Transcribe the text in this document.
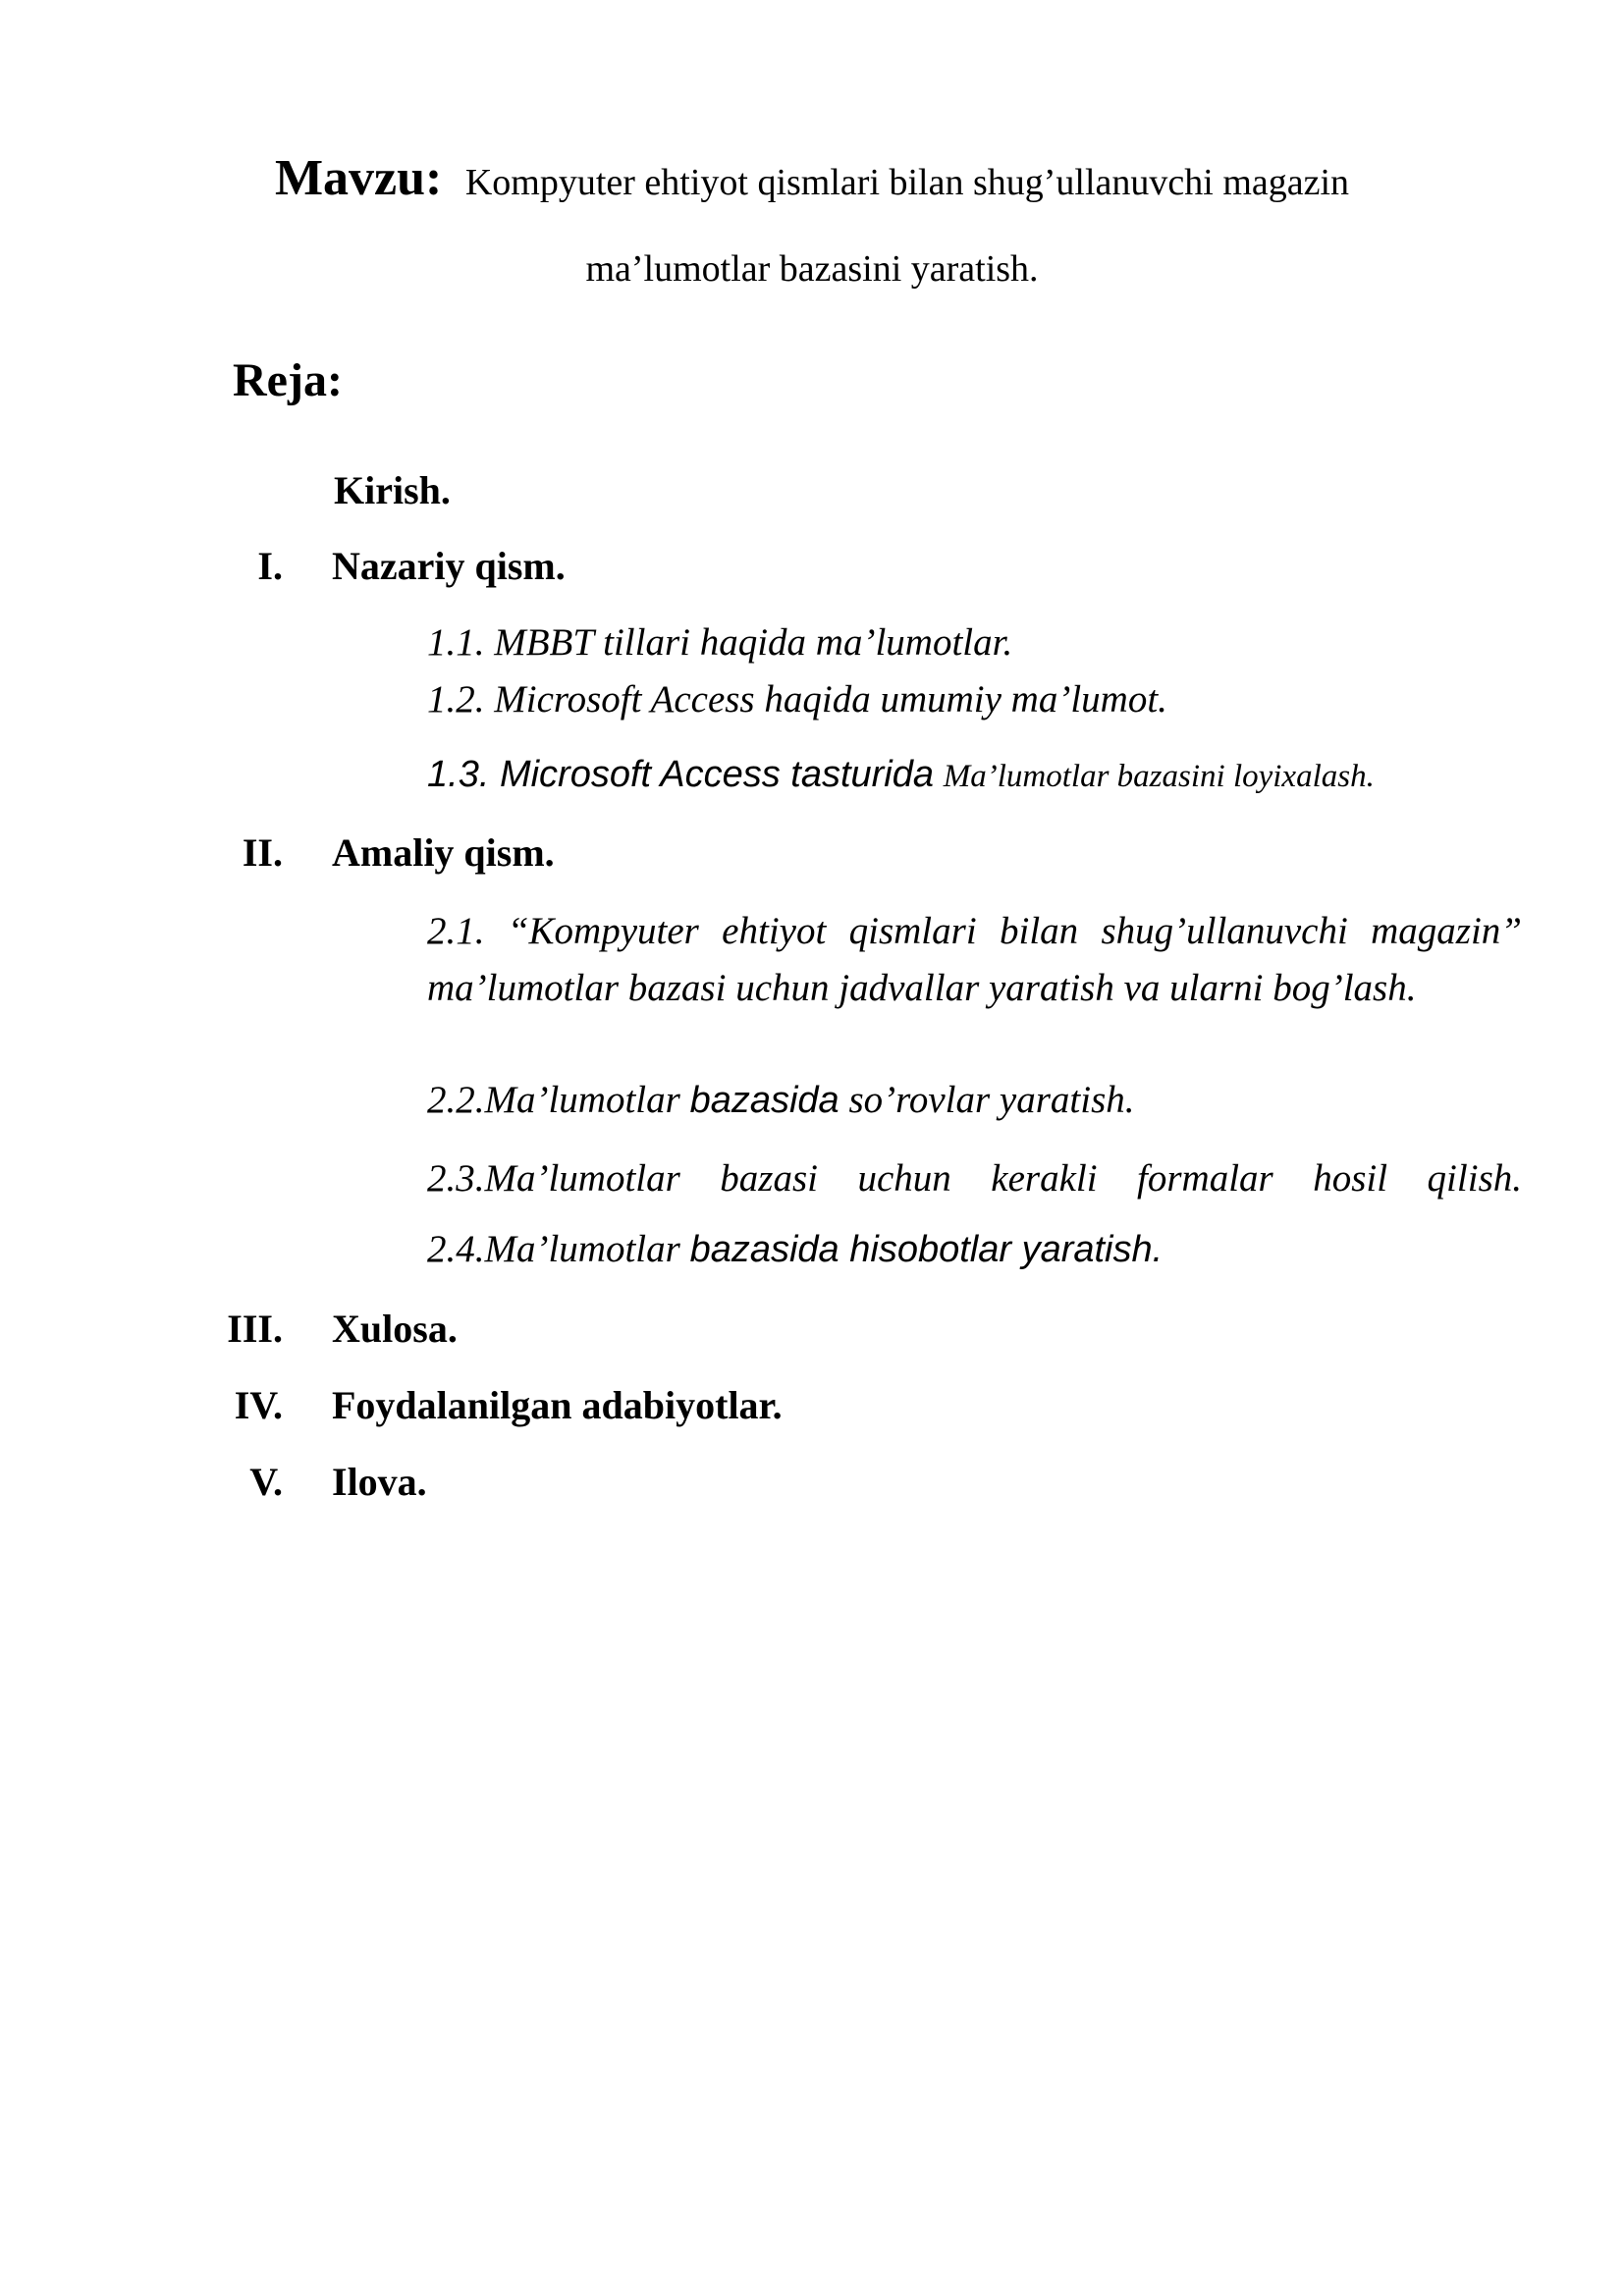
Mavzu: Kompyuter ehtiyot qismlari bilan shug’ullanuvchi magazin
ma’lumotlar bazasini yaratish.
Reja:
Kirish.
I. Nazariy qism.
1.1. MBBT tillari haqida ma’lumotlar.
1.2. Microsoft Access haqida umumiy ma’lumot.
1.3. Microsoft Access tasturida Ma’lumotlar bazasini loyixalash.
II. Amaliy qism.
2.1. “Kompyuter ehtiyot qismlari bilan shug’ullanuvchi magazin” ma’lumotlar bazasi uchun jadvallar yaratish va ularni bog’lash.
2.2.Ma’lumotlar bazasida so’rovlar yaratish.
2.3.Ma’lumotlar bazasi uchun kerakli formalar hosil qilish.
2.4.Ma’lumotlar bazasida hisobotlar yaratish.
III. Xulosa.
IV. Foydalanilgan adabiyotlar.
V. Ilova.
